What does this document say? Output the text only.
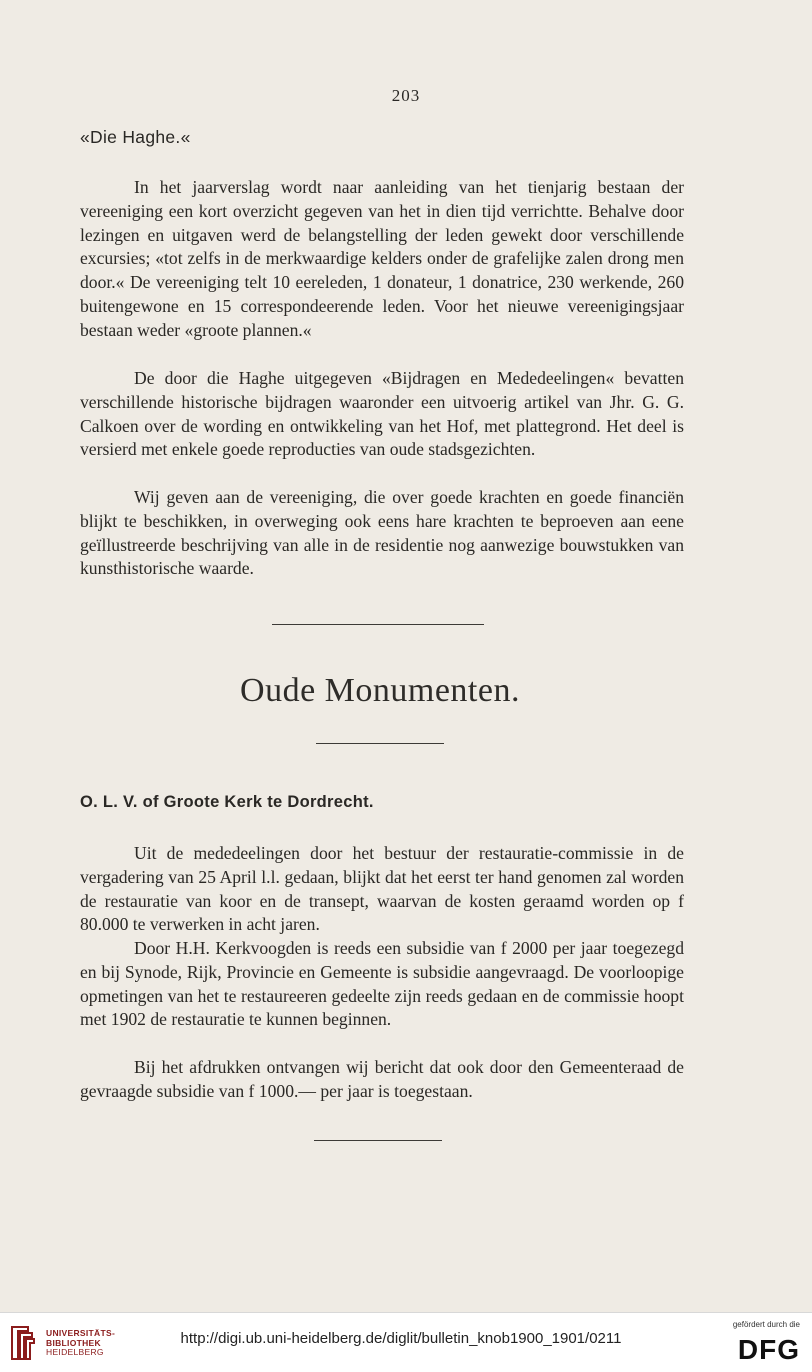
203
«Die Haghe.«

In het jaarverslag wordt naar aanleiding van het tienjarig bestaan der vereeniging een kort overzicht gegeven van het in dien tijd verrichtte. Behalve door lezingen en uitgaven werd de belangstelling der leden gewekt door verschillende excursies; «tot zelfs in de merkwaardige kelders onder de grafelijke zalen drong men door.« De vereeniging telt 10 eereleden, 1 donateur, 1 donatrice, 230 werkende, 260 buitengewone en 15 correspondeerende leden. Voor het nieuwe vereenigingsjaar bestaan weder «groote plannen.«

De door die Haghe uitgegeven «Bijdragen en Mededeelingen« bevatten verschillende historische bijdragen waaronder een uitvoerig artikel van Jhr. G. G. Calkoen over de wording en ontwikkeling van het Hof, met plattegrond. Het deel is versierd met enkele goede reproducties van oude stadsgezichten.

Wij geven aan de vereeniging, die over goede krachten en goede financiën blijkt te beschikken, in overweging ook eens hare krachten te beproeven aan eene geïllustreerde beschrijving van alle in de residentie nog aanwezige bouwstukken van kunsthistorische waarde.

Oude Monumenten.
O. L. V. of Groote Kerk te Dordrecht.

Uit de mededeelingen door het bestuur der restauratie-commissie in de vergadering van 25 April l.l. gedaan, blijkt dat het eerst ter hand genomen zal worden de restauratie van koor en de transept, waarvan de kosten geraamd worden op f 80.000 te verwerken in acht jaren.

Door H.H. Kerkvoogden is reeds een subsidie van f 2000 per jaar toegezegd en bij Synode, Rijk, Provincie en Gemeente is subsidie aangevraagd. De voorloopige opmetingen van het te restaureeren gedeelte zijn reeds gedaan en de commissie hoopt met 1902 de restauratie te kunnen beginnen.

Bij het afdrukken ontvangen wij bericht dat ook door den Gemeenteraad de gevraagde subsidie van f 1000.— per jaar is toegestaan.

UNIVERSITÄTS-
BIBLIOTHEK
HEIDELBERG
http://digi.ub.uni-heidelberg.de/diglit/bulletin_knob1900_1901/0211
gefördert durch die
DFG
